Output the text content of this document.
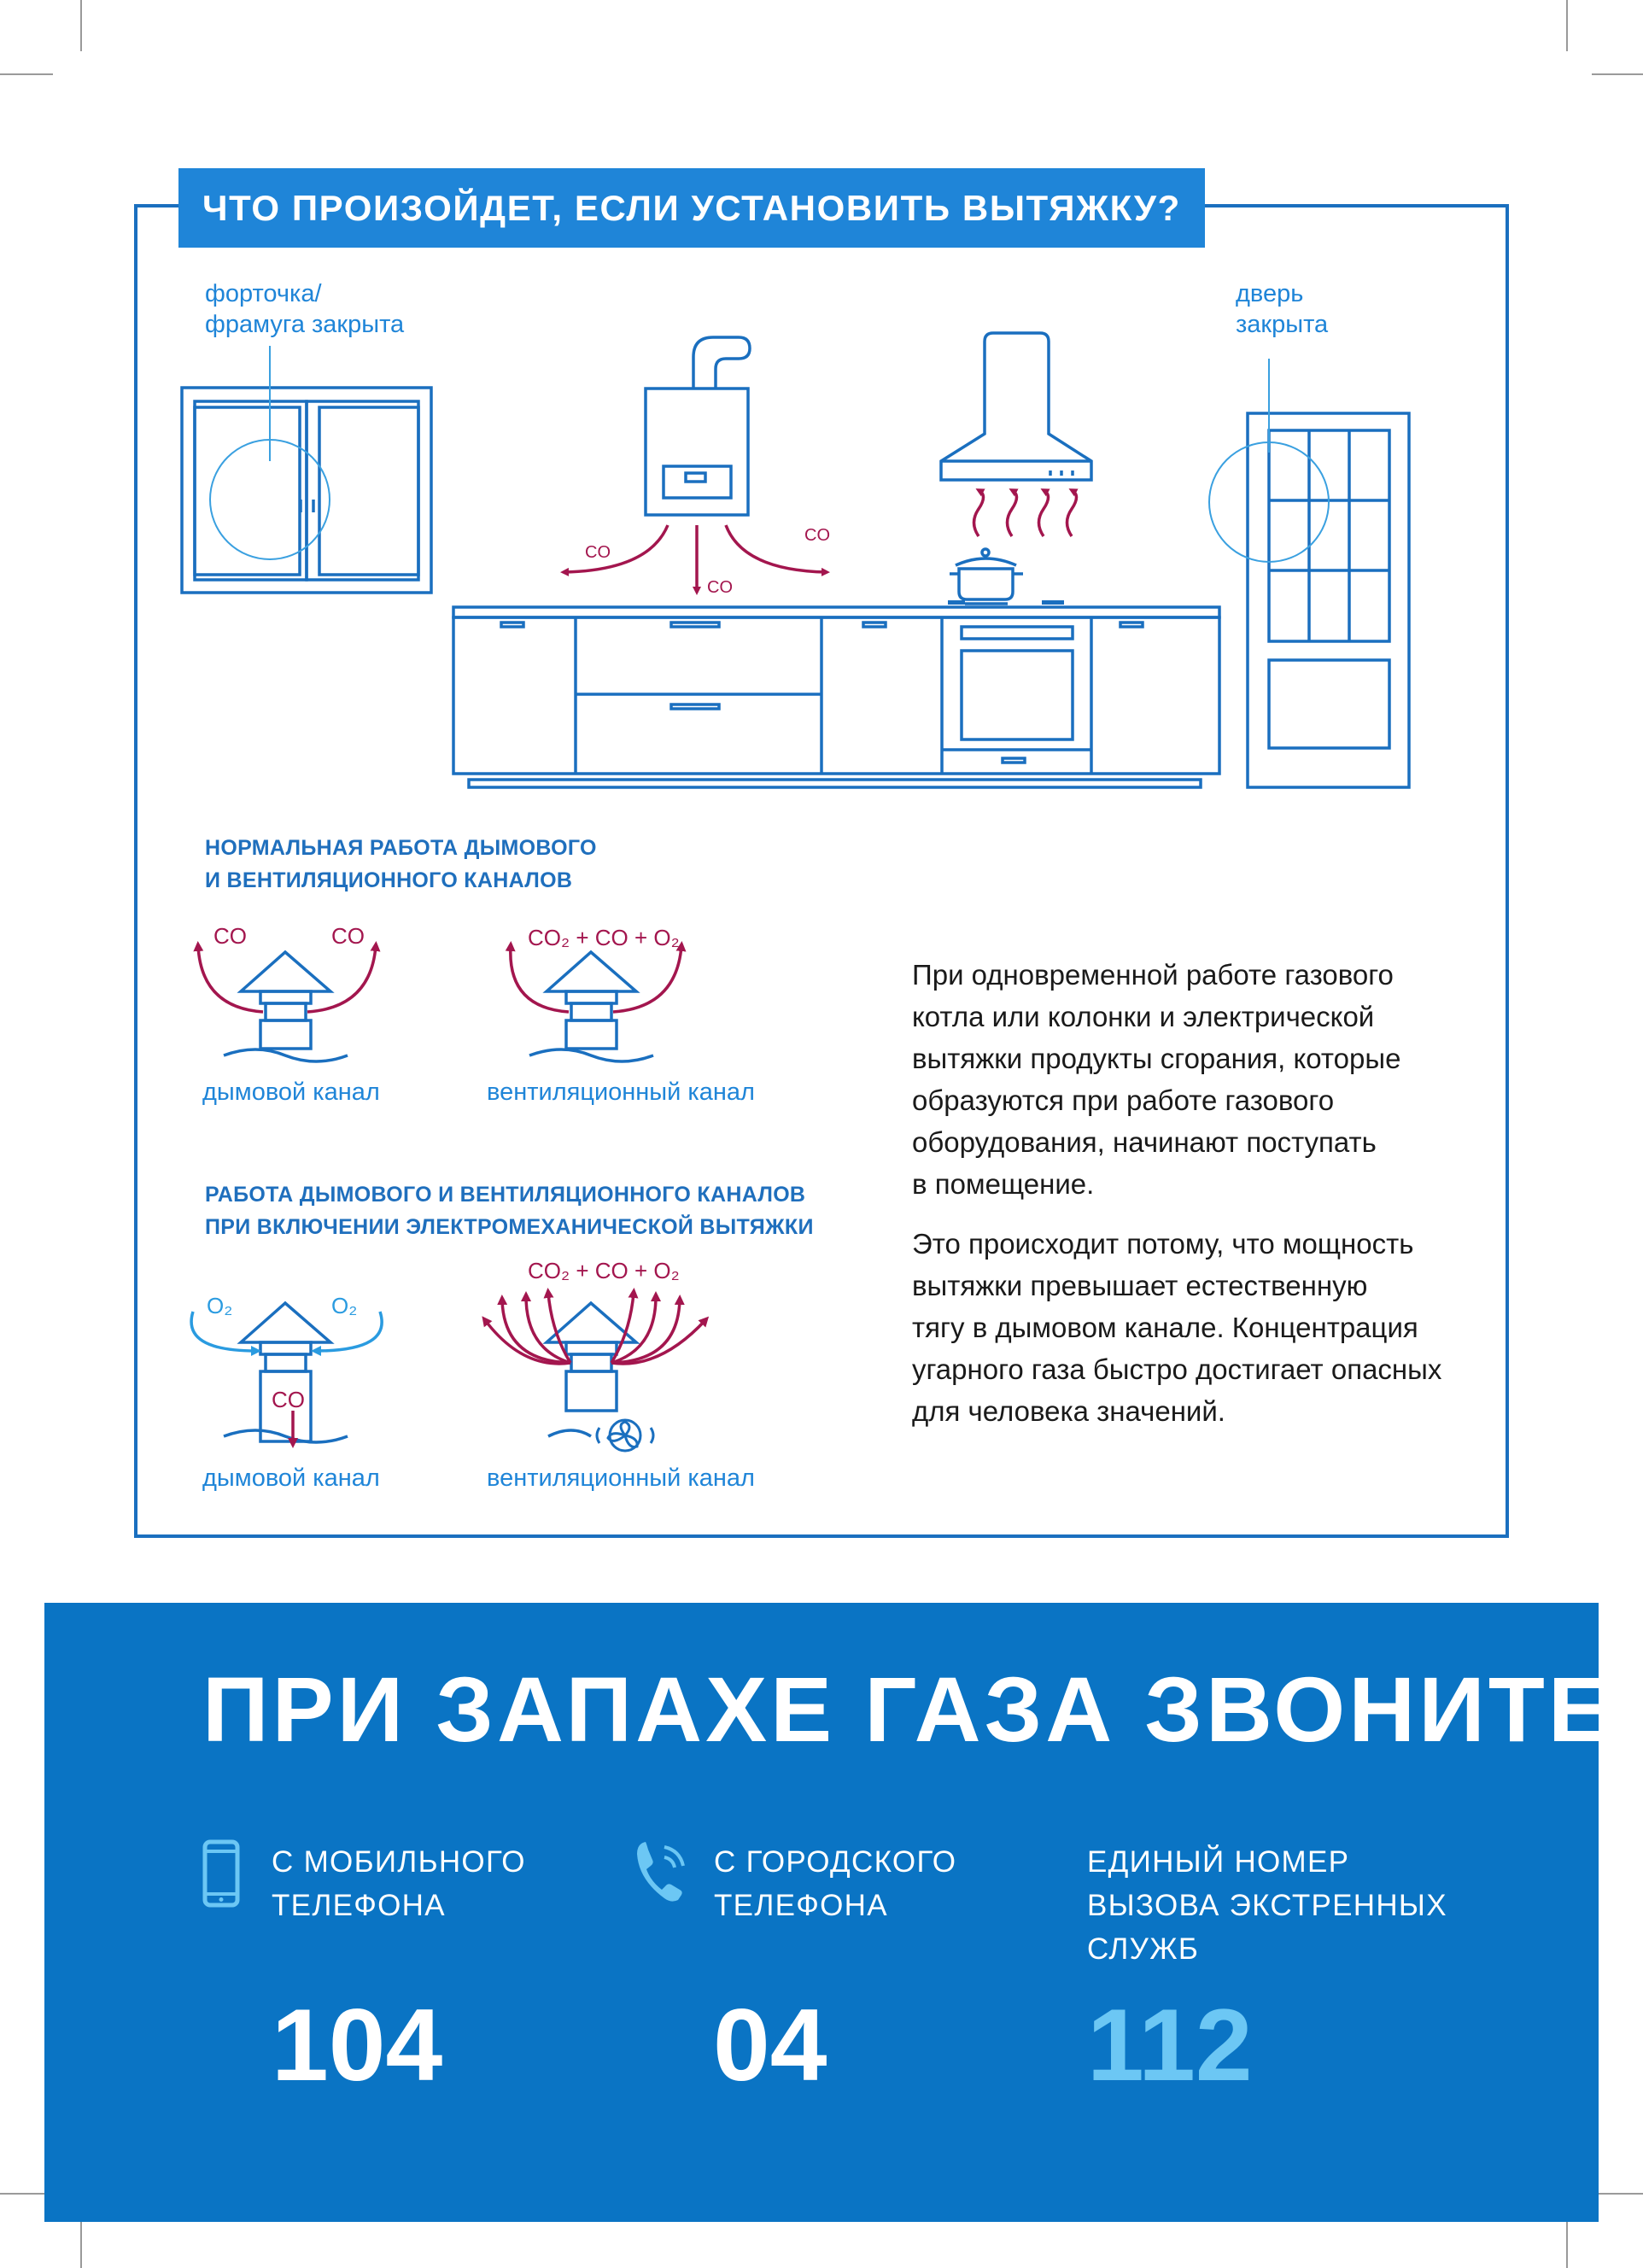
ЧТО ПРОИЗОЙДЕТ, ЕСЛИ УСТАНОВИТЬ ВЫТЯЖКУ?
форточка/
фрамуга закрыта
дверь
закрыта
CO
CO
CO
НОРМАЛЬНАЯ РАБОТА ДЫМОВОГО
И ВЕНТИЛЯЦИОННОГО КАНАЛОВ
CO	CO	CO₂ + CO + O₂
дымовой канал	вентиляционный канал
РАБОТА ДЫМОВОГО И ВЕНТИЛЯЦИОННОГО КАНАЛОВ
ПРИ ВКЛЮЧЕНИИ ЭЛЕКТРОМЕХАНИЧЕСКОЙ ВЫТЯЖКИ
O₂	O₂
CO
CO₂ + CO + O₂
дымовой канал	вентиляционный канал

При одновременной работе газового
котла или колонки и электрической
вытяжки продукты сгорания, которые
образуются при работе газового
оборудования, начинают поступать
в помещение.

Это происходит потому, что мощность
вытяжки превышает естественную
тягу в дымовом канале. Концентрация
угарного газа быстро достигает опасных
для человека значений.

ПРИ ЗАПАХЕ ГАЗА ЗВОНИТЕ
С МОБИЛЬНОГО
ТЕЛЕФОНА
104
С ГОРОДСКОГО
ТЕЛЕФОНА
04
ЕДИНЫЙ НОМЕР
ВЫЗОВА ЭКСТРЕННЫХ
СЛУЖБ
112
